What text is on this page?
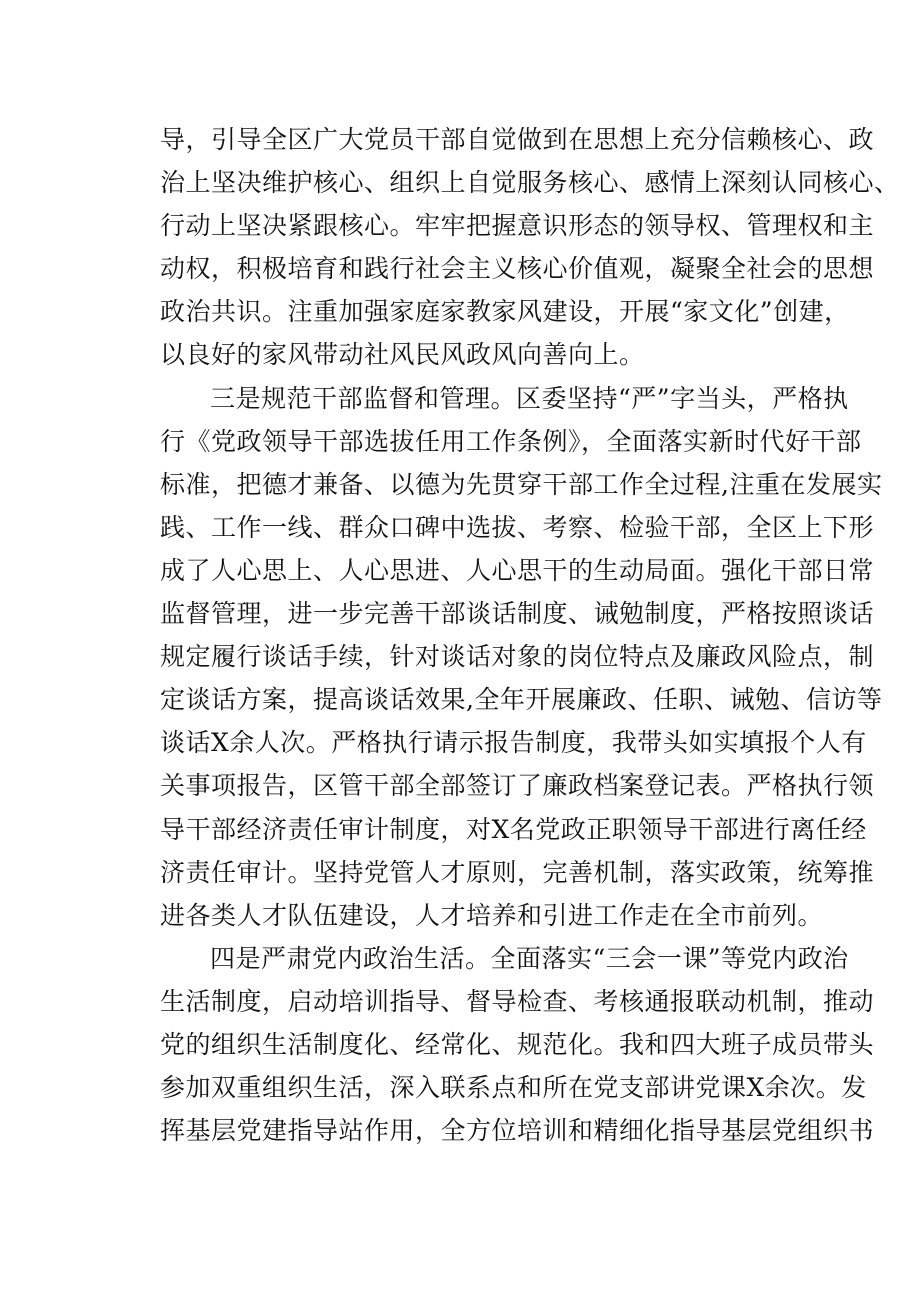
导，引导全区广大党员干部自觉做到在思想上充分信赖核心、政
治上坚决维护核心、组织上自觉服务核心、感情上深刻认同核心、
行动上坚决紧跟核心。牢牢把握意识形态的领导权、管理权和主
动权，积极培育和践行社会主义核心价值观，凝聚全社会的思想
政治共识。注重加强家庭家教家风建设，开展“家文化”创建，
以良好的家风带动社风民风政风向善向上。
三是规范干部监督和管理。区委坚持“严”字当头，严格执
行《党政领导干部选拔任用工作条例》，全面落实新时代好干部
标准，把德才兼备、以德为先贯穿干部工作全过程,注重在发展实
践、工作一线、群众口碑中选拔、考察、检验干部，全区上下形
成了人心思上、人心思进、人心思干的生动局面。强化干部日常
监督管理，进一步完善干部谈话制度、诫勉制度，严格按照谈话
规定履行谈话手续，针对谈话对象的岗位特点及廉政风险点，制
定谈话方案，提高谈话效果,全年开展廉政、任职、诫勉、信访等
谈话X余人次。严格执行请示报告制度，我带头如实填报个人有
关事项报告，区管干部全部签订了廉政档案登记表。严格执行领
导干部经济责任审计制度，对X名党政正职领导干部进行离任经
济责任审计。坚持党管人才原则，完善机制，落实政策，统筹推
进各类人才队伍建设，人才培养和引进工作走在全市前列。
四是严肃党内政治生活。全面落实“三会一课”等党内政治
生活制度，启动培训指导、督导检查、考核通报联动机制，推动
党的组织生活制度化、经常化、规范化。我和四大班子成员带头
参加双重组织生活，深入联系点和所在党支部讲党课X余次。发
挥基层党建指导站作用，全方位培训和精细化指导基层党组织书
